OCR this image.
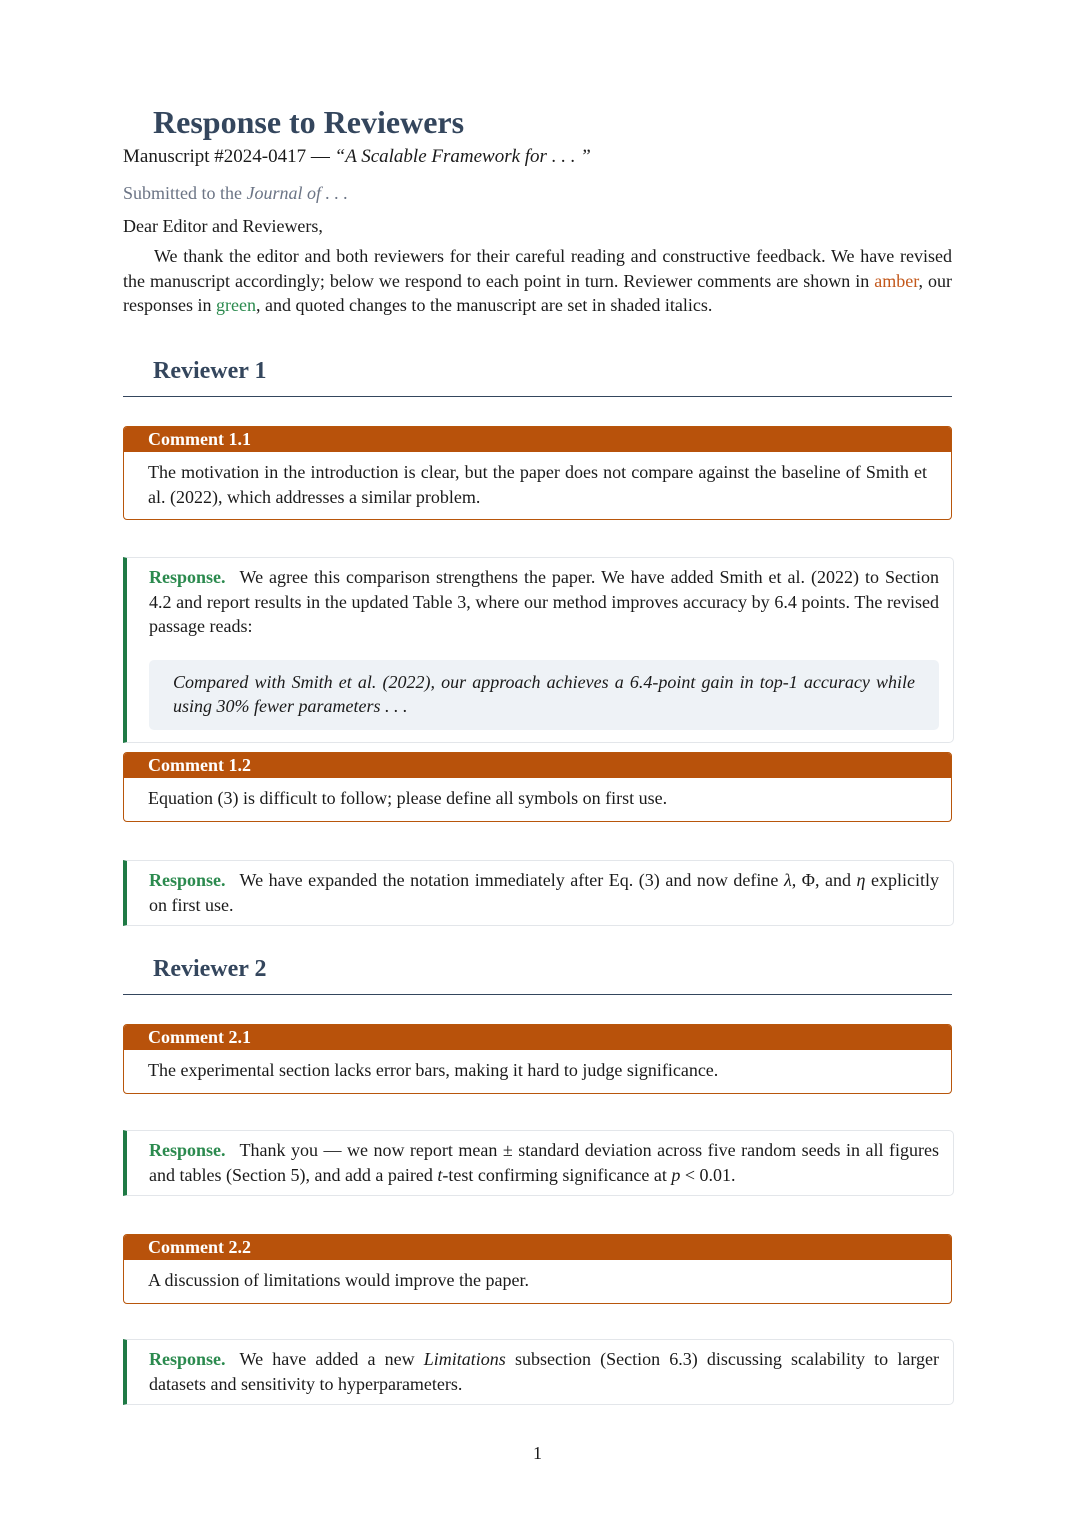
Response to Reviewers
Manuscript #2024-0417 — “A Scalable Framework for . . . ”
Submitted to the Journal of . . .
Dear Editor and Reviewers,

We thank the editor and both reviewers for their careful reading and constructive feedback. We have revised the manuscript accordingly; below we respond to each point in turn. Reviewer comments are shown in amber, our responses in green, and quoted changes to the manuscript are set in shaded italics.

Reviewer 1
Comment 1.1
The motivation in the introduction is clear, but the paper does not compare against the baseline of Smith et al. (2022), which addresses a similar problem.
Response. We agree this comparison strengthens the paper. We have added Smith et al. (2022) to Section 4.2 and report results in the updated Table 3, where our method improves accuracy by 6.4 points. The revised passage reads:
Compared with Smith et al. (2022), our approach achieves a 6.4-point gain in top-1 accuracy while using 30% fewer parameters . . .
Comment 1.2
Equation (3) is difficult to follow; please define all symbols on first use.
Response. We have expanded the notation immediately after Eq. (3) and now define λ, Φ, and η explicitly on first use.
Reviewer 2
Comment 2.1
The experimental section lacks error bars, making it hard to judge significance.
Response. Thank you — we now report mean ± standard deviation across five random seeds in all figures and tables (Section 5), and add a paired t-test confirming significance at p < 0.01.
Comment 2.2
A discussion of limitations would improve the paper.
Response. We have added a new Limitations subsection (Section 6.3) discussing scalability to larger datasets and sensitivity to hyperparameters.
1
